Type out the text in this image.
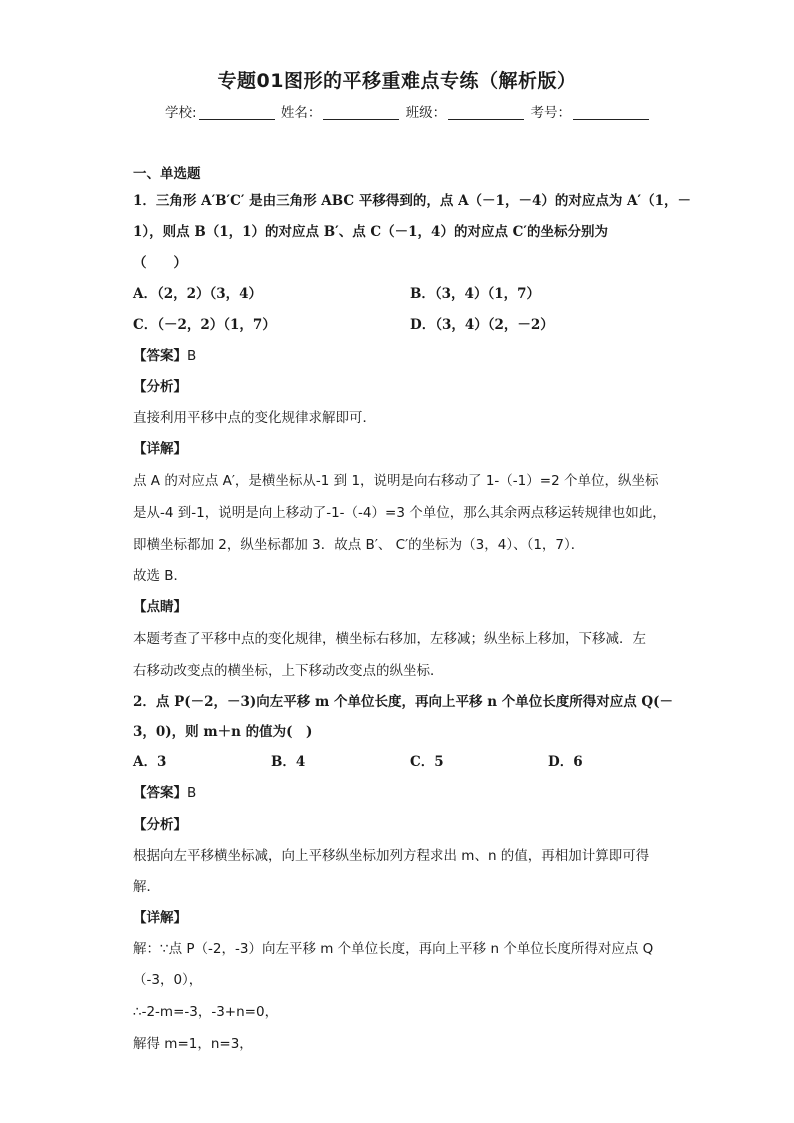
专题01图形的平移重难点专练（解析版）
学校:	姓名：	班级：	考号：
一、单选题
1．三角形 A′B′C′ 是由三角形 ABC 平移得到的，点 A（－1，－4）的对应点为 A′（1，－
1），则点 B（1，1）的对应点 B′、点 C（－1，4）的对应点 C′的坐标分别为
（　　）
A．（2，2）（3，4）	B．（3，4）（1，7）
C．（－2，2）（1，7）	D．（3，4）（2，－2）
【答案】B
【分析】
直接利用平移中点的变化规律求解即可．
【详解】
点 A 的对应点 A′，是横坐标从-1 到 1，说明是向右移动了 1-（-1）=2 个单位，纵坐标
是从-4 到-1，说明是向上移动了-1-（-4）=3 个单位，那么其余两点移运转规律也如此，
即横坐标都加 2，纵坐标都加 3．故点 B′、 C′的坐标为（3，4）、（1，7）．
故选 B．
【点睛】
本题考查了平移中点的变化规律，横坐标右移加，左移减；纵坐标上移加，下移减．左
右移动改变点的横坐标，上下移动改变点的纵坐标．
2．点 P(－2，－3)向左平移 m 个单位长度，再向上平移 n 个单位长度所得对应点 Q(－
3，0)，则 m＋n 的值为(　)
A．3	B．4	C．5	D．6
【答案】B
【分析】
根据向左平移横坐标减，向上平移纵坐标加列方程求出 m、n 的值，再相加计算即可得
解．
【详解】
解：∵点 P（-2，-3）向左平移 m 个单位长度，再向上平移 n 个单位长度所得对应点 Q
（-3，0），
∴-2-m=-3，-3+n=0，
解得 m=1，n=3，
